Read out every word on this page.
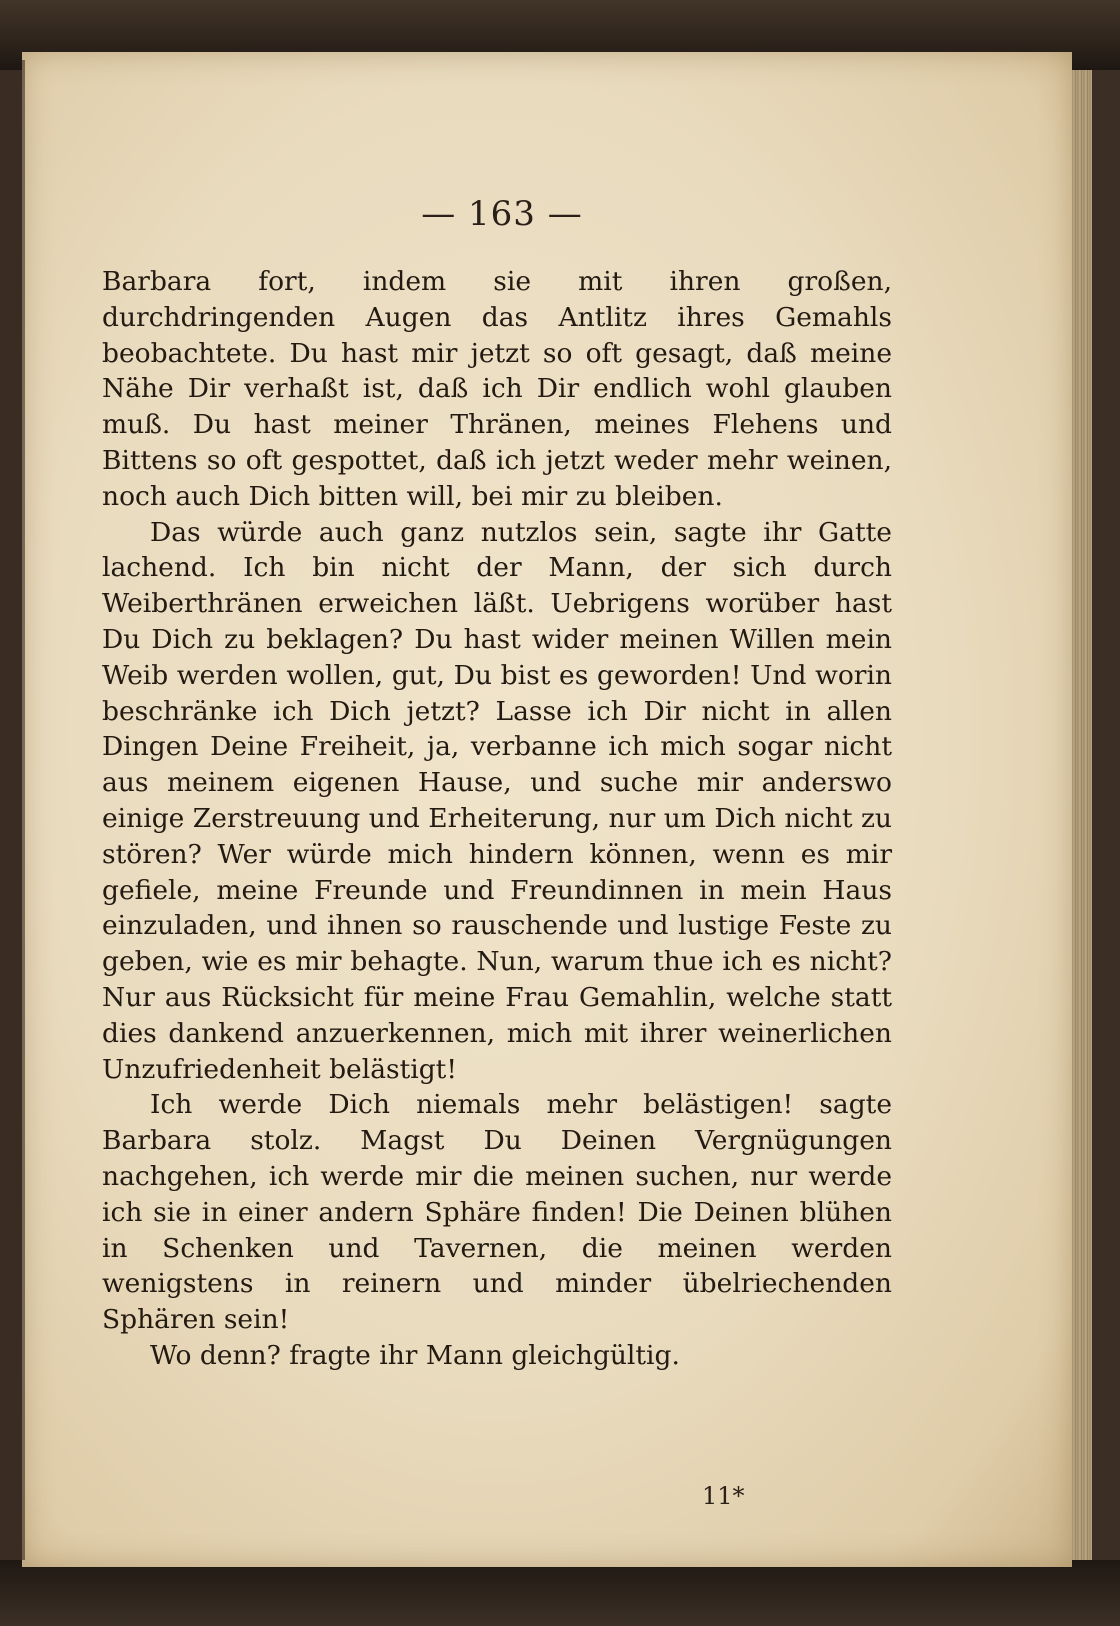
— 163 —

Barbara fort, indem sie mit ihren großen, durchdringenden Augen das Antlitz ihres Gemahls beobachtete. Du hast mir jetzt so oft gesagt, daß meine Nähe Dir verhaßt ist, daß ich Dir endlich wohl glauben muß. Du hast meiner Thränen, meines Flehens und Bittens so oft gespottet, daß ich jetzt weder mehr weinen, noch auch Dich bitten will, bei mir zu bleiben.

Das würde auch ganz nutzlos sein, sagte ihr Gatte lachend. Ich bin nicht der Mann, der sich durch Weiberthränen erweichen läßt. Uebrigens worüber hast Du Dich zu beklagen? Du hast wider meinen Willen mein Weib werden wollen, gut, Du bist es geworden! Und worin beschränke ich Dich jetzt? Lasse ich Dir nicht in allen Dingen Deine Freiheit, ja, verbanne ich mich sogar nicht aus meinem eigenen Hause, und suche mir anderswo einige Zerstreuung und Erheiterung, nur um Dich nicht zu stören? Wer würde mich hindern können, wenn es mir gefiele, meine Freunde und Freundinnen in mein Haus einzuladen, und ihnen so rauschende und lustige Feste zu geben, wie es mir behagte. Nun, warum thue ich es nicht? Nur aus Rücksicht für meine Frau Gemahlin, welche statt dies dankend anzuerkennen, mich mit ihrer weinerlichen Unzufriedenheit belästigt!

Ich werde Dich niemals mehr belästigen! sagte Barbara stolz. Magst Du Deinen Vergnügungen nachgehen, ich werde mir die meinen suchen, nur werde ich sie in einer andern Sphäre finden! Die Deinen blühen in Schenken und Tavernen, die meinen werden wenigstens in reinern und minder übelriechenden Sphären sein!

Wo denn? fragte ihr Mann gleichgültig.

11*
